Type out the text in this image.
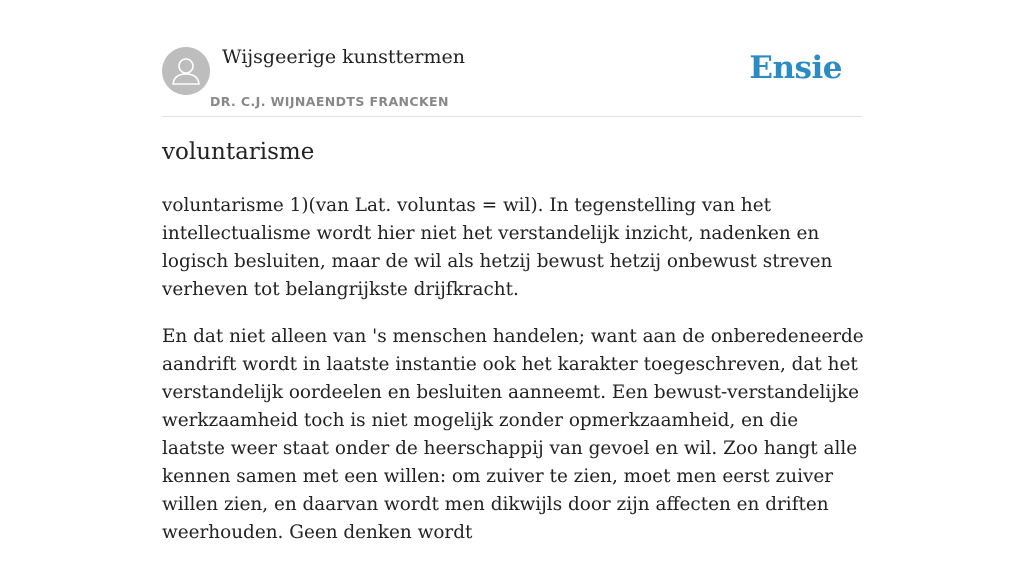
Wijsgeerige kunsttermen
DR. C.J. WIJNAENDTS FRANCKEN
Ensie
voluntarisme

voluntarisme 1)(van Lat. voluntas = wil). In tegenstelling van het intellectualisme wordt hier niet het verstandelijk inzicht, nadenken en logisch besluiten, maar de wil als hetzij bewust hetzij onbewust streven verheven tot belangrijkste drijfkracht.

En dat niet alleen van 's menschen handelen; want aan de onberedeneerde aandrift wordt in laatste instantie ook het karakter toegeschreven, dat het verstandelijk oordeelen en besluiten aanneemt. Een bewust-verstandelijke werkzaamheid toch is niet mogelijk zonder opmerkzaamheid, en die laatste weer staat onder de heerschappij van gevoel en wil. Zoo hangt alle kennen samen met een willen: om zuiver te zien, moet men eerst zuiver willen zien, en daarvan wordt men dikwijls door zijn affecten en driften weerhouden. Geen denken wordt
